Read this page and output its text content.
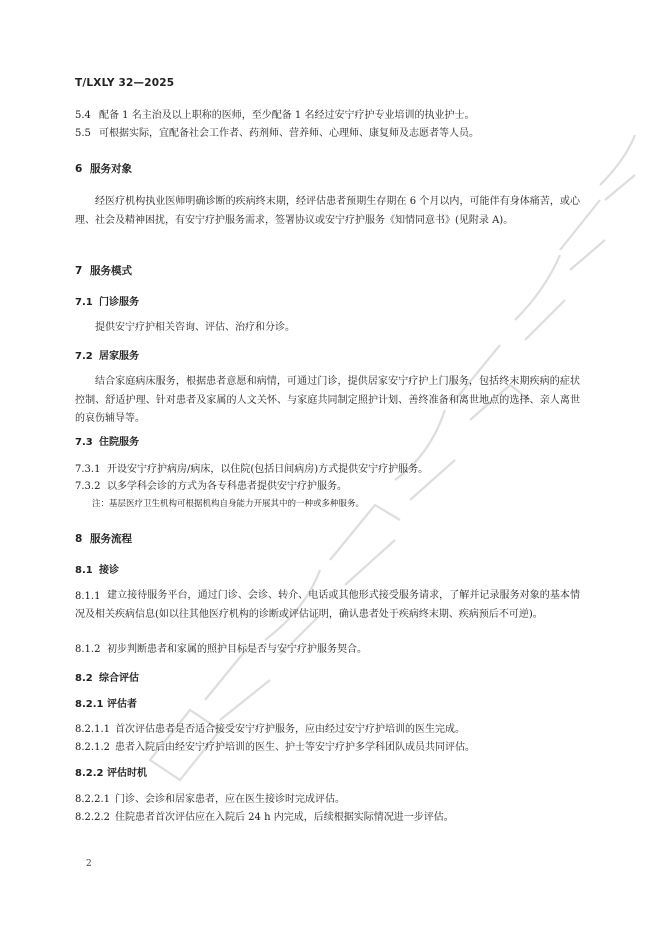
T/LXLY 32—2025
5.4 配备 1 名主治及以上职称的医师，至少配备 1 名经过安宁疗护专业培训的执业护士。
5.5 可根据实际，宜配备社会工作者、药剂师、营养师、心理师、康复师及志愿者等人员。
6 服务对象
经医疗机构执业医师明确诊断的疾病终末期，经评估患者预期生存期在 6 个月以内，可能伴有身体痛苦，或心理、社会及精神困扰，有安宁疗护服务需求，签署协议或安宁疗护服务《知情同意书》(见附录 A)。
7 服务模式
7.1 门诊服务
提供安宁疗护相关咨询、评估、治疗和分诊。
7.2 居家服务
结合家庭病床服务，根据患者意愿和病情，可通过门诊，提供居家安宁疗护上门服务，包括终末期疾病的症状控制、舒适护理、针对患者及家属的人文关怀、与家庭共同制定照护计划、善终准备和离世地点的选择、亲人离世的哀伤辅导等。
7.3 住院服务
7.3.1 开设安宁疗护病房/病床，以住院(包括日间病房)方式提供安宁疗护服务。
7.3.2 以多学科会诊的方式为各专科患者提供安宁疗护服务。
注：基层医疗卫生机构可根据机构自身能力开展其中的一种或多种服务。
8 服务流程
8.1 接诊
8.1.1 建立接待服务平台，通过门诊、会诊、转介、电话或其他形式接受服务请求，了解并记录服务对象的基本情况及相关疾病信息(如以往其他医疗机构的诊断或评估证明，确认患者处于疾病终末期、疾病预后不可逆)。
8.1.2 初步判断患者和家属的照护目标是否与安宁疗护服务契合。
8.2 综合评估
8.2.1 评估者
8.2.1.1 首次评估患者是否适合接受安宁疗护服务，应由经过安宁疗护培训的医生完成。
8.2.1.2 患者入院后由经安宁疗护培训的医生、护士等安宁疗护多学科团队成员共同评估。
8.2.2 评估时机
8.2.2.1 门诊、会诊和居家患者，应在医生接诊时完成评估。
8.2.2.2 住院患者首次评估应在入院后 24 h 内完成，后续根据实际情况进一步评估。
2
